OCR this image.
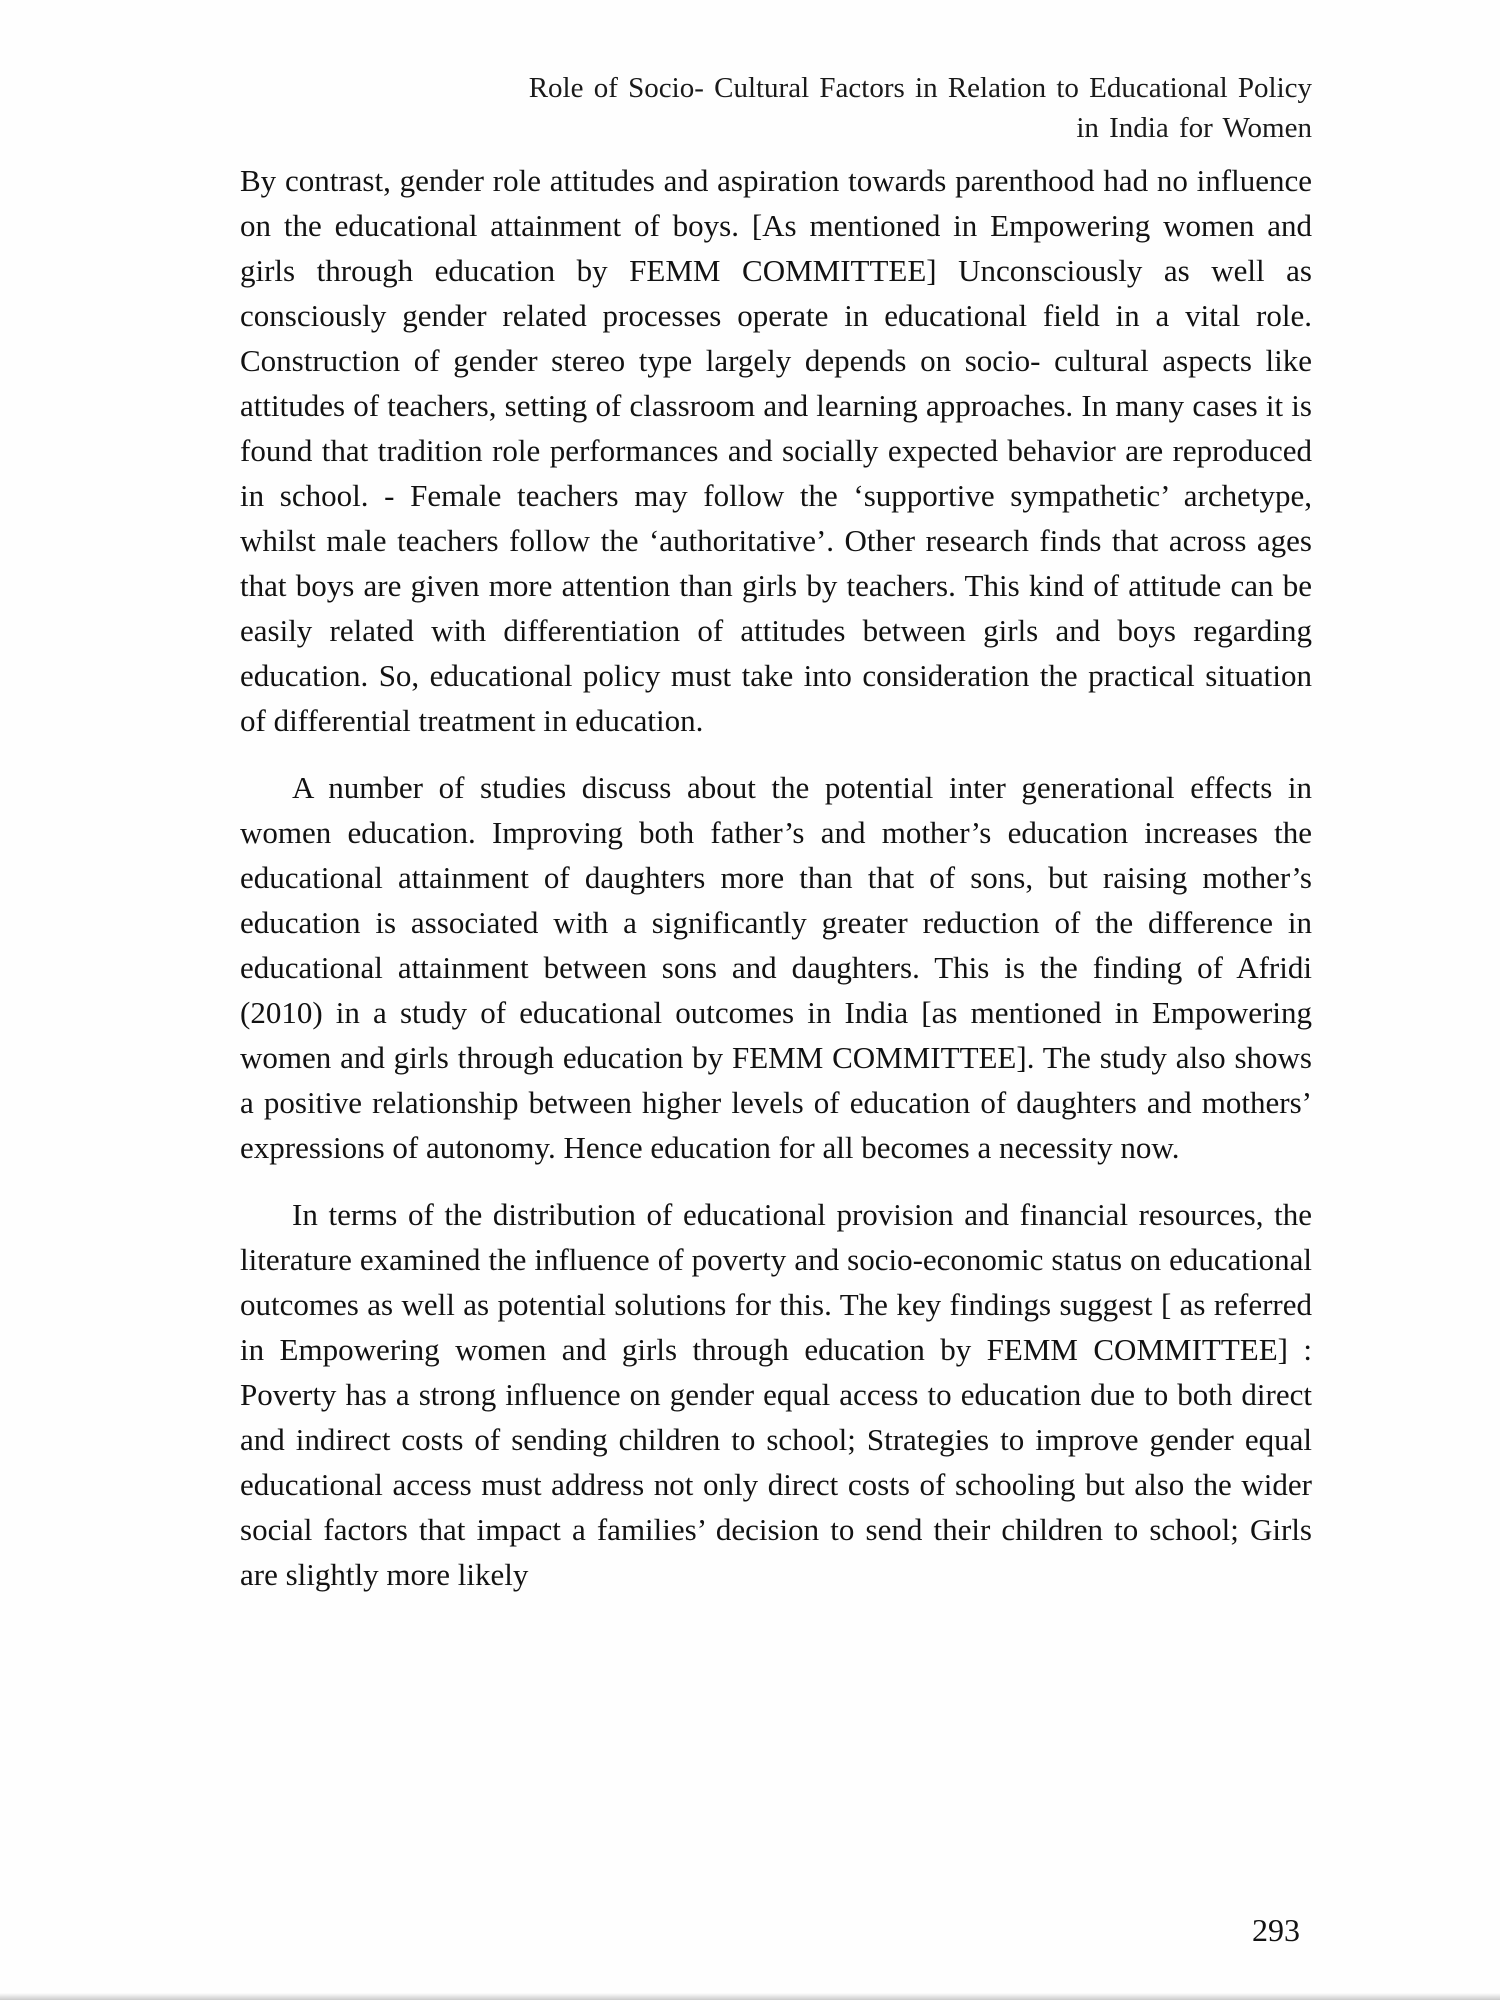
Role of Socio- Cultural Factors in Relation to Educational Policy
in India for Women

By contrast, gender role attitudes and aspiration towards parenthood had no influence on the educational attainment of boys. [As mentioned in Empowering women and girls through education by FEMM COMMITTEE] Unconsciously as well as consciously gender related processes operate in educational field in a vital role. Construction of gender stereo type largely depends on socio- cultural aspects like attitudes of teachers, setting of classroom and learning approaches. In many cases it is found that tradition role performances and socially expected behavior are reproduced in school. - Female teachers may follow the ‘supportive sympathetic’ archetype, whilst male teachers follow the ‘authoritative’. Other research finds that across ages that boys are given more attention than girls by teachers. This kind of attitude can be easily related with differentiation of attitudes between girls and boys regarding education. So, educational policy must take into consideration the practical situation of differential treatment in education.

A number of studies discuss about the potential inter generational effects in women education. Improving both father’s and mother’s education increases the educational attainment of daughters more than that of sons, but raising mother’s education is associated with a significantly greater reduction of the difference in educational attainment between sons and daughters. This is the finding of Afridi (2010) in a study of educational outcomes in India [as mentioned in Empowering women and girls through education by FEMM COMMITTEE]. The study also shows a positive relationship between higher levels of education of daughters and mothers’ expressions of autonomy. Hence education for all becomes a necessity now.

In terms of the distribution of educational provision and financial resources, the literature examined the influence of poverty and socio-economic status on educational outcomes as well as potential solutions for this. The key findings suggest [ as referred in Empowering women and girls through education by FEMM COMMITTEE] : Poverty has a strong influence on gender equal access to education due to both direct and indirect costs of sending children to school; Strategies to improve gender equal educational access must address not only direct costs of schooling but also the wider social factors that impact a families’ decision to send their children to school; Girls are slightly more likely

293
